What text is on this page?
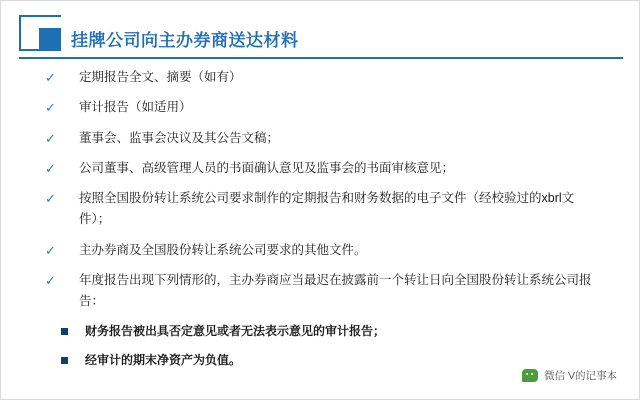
挂牌公司向主办券商送达材料
✓ 定期报告全文、摘要（如有）
✓ 审计报告（如适用）
✓ 董事会、监事会决议及其公告文稿；
✓ 公司董事、高级管理人员的书面确认意见及监事会的书面审核意见；
✓ 按照全国股份转让系统公司要求制作的定期报告和财务数据的电子文件（经校验过的xbrl文件）；
✓ 主办券商及全国股份转让系统公司要求的其他文件。
✓ 年度报告出现下列情形的，主办券商应当最迟在披露前一个转让日向全国股份转让系统公司报告：
财务报告被出具否定意见或者无法表示意见的审计报告；
经审计的期末净资产为负值。
微信 V的记事本
